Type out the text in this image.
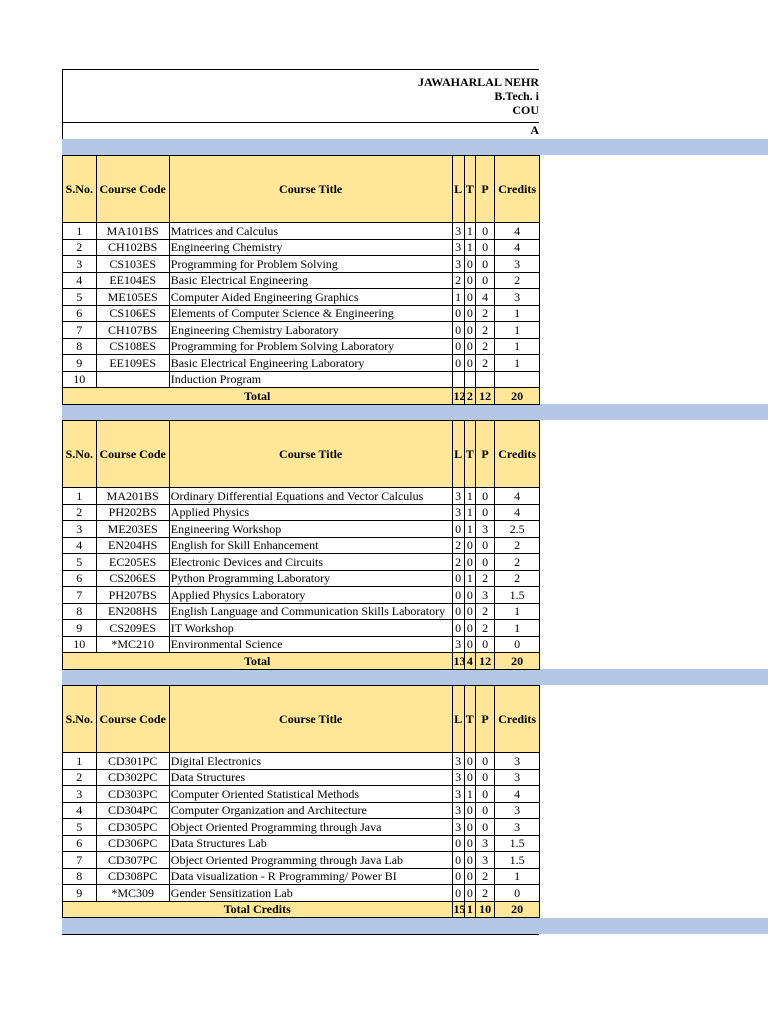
JAWAHARLAL NEHR
B.Tech. i
COU
A
S.No.	Course Code	Course Title	L	T	P	Credits
1	MA101BS	Matrices and Calculus	3	1	0	4
2	CH102BS	Engineering Chemistry	3	1	0	4
3	CS103ES	Programming for Problem Solving	3	0	0	3
4	EE104ES	Basic Electrical Engineering	2	0	0	2
5	ME105ES	Computer Aided Engineering Graphics	1	0	4	3
6	CS106ES	Elements of Computer Science & Engineering	0	0	2	1
7	CH107BS	Engineering Chemistry Laboratory	0	0	2	1
8	CS108ES	Programming for Problem Solving Laboratory	0	0	2	1
9	EE109ES	Basic Electrical Engineering Laboratory	0	0	2	1
10		Induction Program				
Total			12	2	12	20
S.No.	Course Code	Course Title	L	T	P	Credits
1	MA201BS	Ordinary Differential Equations and Vector Calculus	3	1	0	4
2	PH202BS	Applied Physics	3	1	0	4
3	ME203ES	Engineering Workshop	0	1	3	2.5
4	EN204HS	English for Skill Enhancement	2	0	0	2
5	EC205ES	Electronic Devices and Circuits	2	0	0	2
6	CS206ES	Python Programming Laboratory	0	1	2	2
7	PH207BS	Applied Physics Laboratory	0	0	3	1.5
8	EN208HS	English Language and Communication Skills Laboratory	0	0	2	1
9	CS209ES	IT Workshop	0	0	2	1
10	*MC210	Environmental Science	3	0	0	0
Total			13	4	12	20
S.No.	Course Code	Course Title	L	T	P	Credits
1	CD301PC	Digital Electronics	3	0	0	3
2	CD302PC	Data Structures	3	0	0	3
3	CD303PC	Computer Oriented Statistical Methods	3	1	0	4
4	CD304PC	Computer Organization and Architecture	3	0	0	3
5	CD305PC	Object Oriented Programming through Java	3	0	0	3
6	CD306PC	Data Structures Lab	0	0	3	1.5
7	CD307PC	Object Oriented Programming through Java Lab	0	0	3	1.5
8	CD308PC	Data visualization - R Programming/ Power BI	0	0	2	1
9	*MC309	Gender Sensitization Lab	0	0	2	0
Total Credits			15	1	10	20
